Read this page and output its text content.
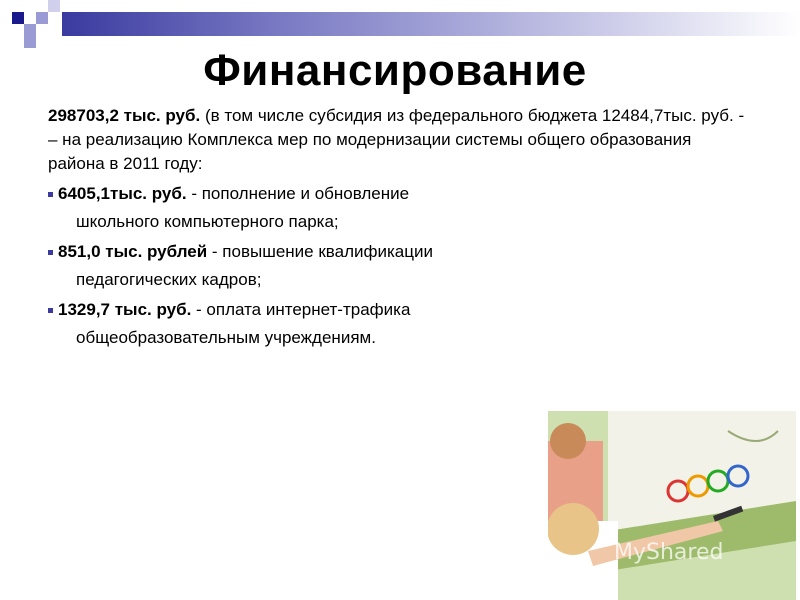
Финансирование

298703,2 тыс. руб. (в том числе субсидия из федерального бюджета 12484,7тыс. руб. - – на реализацию Комплекса мер по модернизации системы общего образования района в 2011 году:

6405,1тыс. руб. - пополнение и обновление
школьного компьютерного парка;
851,0 тыс. рублей - повышение квалификации
педагогических кадров;
1329,7 тыс. руб. - оплата интернет-трафика
общеобразовательным учреждениям.
MyShared
